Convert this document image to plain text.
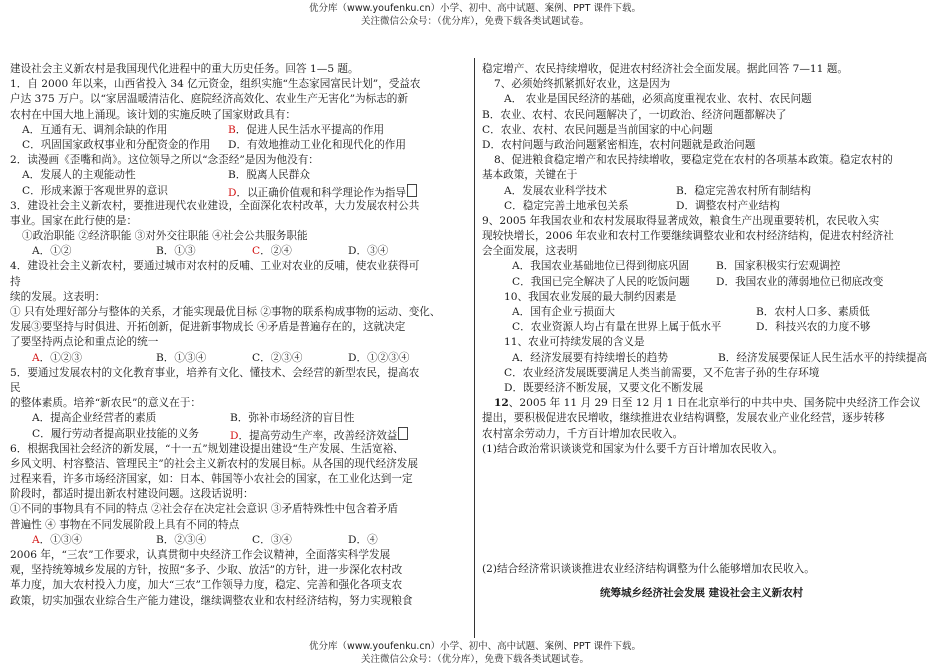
优分库（www.youfenku.cn）小学、初中、高中试题、案例、PPT 课件下载。
关注微信公众号：（优分库），免费下载各类试题试卷。
建设社会主义新农村是我国现代化进程中的重大历史任务。回答 1—5 题。
1．自 2000 年以来，山西省投入 34 亿元资金，组织实施“生态家园富民计划”，受益农
户达 375 万户。以“家居温暖清洁化、庭院经济高效化、农业生产无害化”为标志的新
农村在中国大地上涌现。该计划的实施反映了国家财政具有：
A．互通有无、调剂余缺的作用	B．促进人民生活水平提高的作用
C．巩固国家政权事业和分配资金的作用	D．有效地推动工业化和现代化的作用
2．读漫画《歪嘴和尚》。这位领导之所以“念歪经”是因为他没有：
A．发展人的主观能动性	B．脱离人民群众
C．形成来源于客观世界的意识	D．以正确价值观和科学理论作为指导
3．建设社会主义新农村，要推进现代农业建设，全面深化农村改革，大力发展农村公共
事业。国家在此行使的是：
①政治职能 ②经济职能 ③对外交往职能 ④社会公共服务职能
A．①②	B．①③	C．②④	D．③④
4．建设社会主义新农村，要通过城市对农村的反哺、工业对农业的反哺，使农业获得可
持
续的发展。这表明：
① 只有处理好部分与整体的关系，才能实现最优目标 ②事物的联系构成事物的运动、变化、
发展③要坚持与时俱进、开拓创新，促进新事物成长 ④矛盾是普遍存在的，这就决定
了要坚持两点论和重点论的统一
A．①②③	B．①③④	C．②③④	D．①②③④
5．要通过发展农村的文化教育事业，培养有文化、懂技术、会经营的新型农民，提高农
民
的整体素质。培养“新农民”的意义在于：
A．提高企业经营者的素质	B．弥补市场经济的盲目性
C．履行劳动者提高职业技能的义务	D．提高劳动生产率，改善经济效益
6．根据我国社会经济的新发展，“十一五”规划建设提出建设“生产发展、生活宽裕、
乡风文明、村容整洁、管理民主”的社会主义新农村的发展目标。从各国的现代经济发展
过程来看，许多市场经济国家，如：日本、韩国等小农社会的国家，在工业化达到一定
阶段时，都适时提出新农村建设问题。这段话说明：
①不同的事物具有不同的特点 ②社会存在决定社会意识 ③矛盾特殊性中包含着矛盾
普遍性 ④ 事物在不同发展阶段上具有不同的特点
A．①③④	B．②③④	C．③④	D．④
2006 年，“三农”工作要求，认真贯彻中央经济工作会议精神，全面落实科学发展
观，坚持统筹城乡发展的方针，按照“多予、少取、放活”的方针，进一步深化农村改
革力度，加大农村投入力度，加大“三农”工作领导力度，稳定、完善和强化各项支农
政策，切实加强农业综合生产能力建设，继续调整农业和农村经济结构，努力实现粮食
稳定增产、农民持续增收，促进农村经济社会全面发展。据此回答 7—11 题。
7、必须始终抓紧抓好农业，这是因为
A． 农业是国民经济的基础，必须高度重视农业、农村、农民问题
B．农业、农村、农民问题解决了，一切政治、经济问题都解决了
C．农业、农村、农民问题是当前国家的中心问题
D．农村问题与政治问题紧密相连，农村问题就是政治问题
8、促进粮食稳定增产和农民持续增收，要稳定党在农村的各项基本政策。稳定农村的
基本政策，关键在于
A．发展农业科学技术	B．稳定完善农村所有制结构
C．稳定完善土地承包关系	D．调整农村产业结构
9、2005 年我国农业和农村发展取得显著成效，粮食生产出现重要转机，农民收入实
现较快增长，2006 年农业和农村工作要继续调整农业和农村经济结构，促进农村经济社
会全面发展，这表明
A．我国农业基础地位已得到彻底巩固	B．国家积极实行宏观调控
C．我国已完全解决了人民的吃饭问题	D．我国农业的薄弱地位已彻底改变
10、我国农业发展的最大制约因素是
A．国有企业亏损面大	B．农村人口多、素质低
C．农业资源人均占有量在世界上属于低水平	D．科技兴农的力度不够
11、农业可持续发展的含义是
A．经济发展要有持续增长的趋势	B．经济发展要保证人民生活水平的持续提高
C．农业经济发展既要满足人类当前需要，又不危害子孙的生存环境
D．既要经济不断发展，又要文化不断发展
12、2005 年 11 月 29 日至 12 月 1 日在北京举行的中共中央、国务院中央经济工作会议
提出，要积极促进农民增收，继续推进农业结构调整，发展农业产业化经营，逐步转移
农村富余劳动力，千方百计增加农民收入。
(1)结合政治常识谈谈党和国家为什么要千方百计增加农民收入。
(2)结合经济常识谈谈推进农业经济结构调整为什么能够增加农民收入。
统筹城乡经济社会发展 建设社会主义新农村
优分库（www.youfenku.cn）小学、初中、高中试题、案例、PPT 课件下载。
关注微信公众号：（优分库），免费下载各类试题试卷。
